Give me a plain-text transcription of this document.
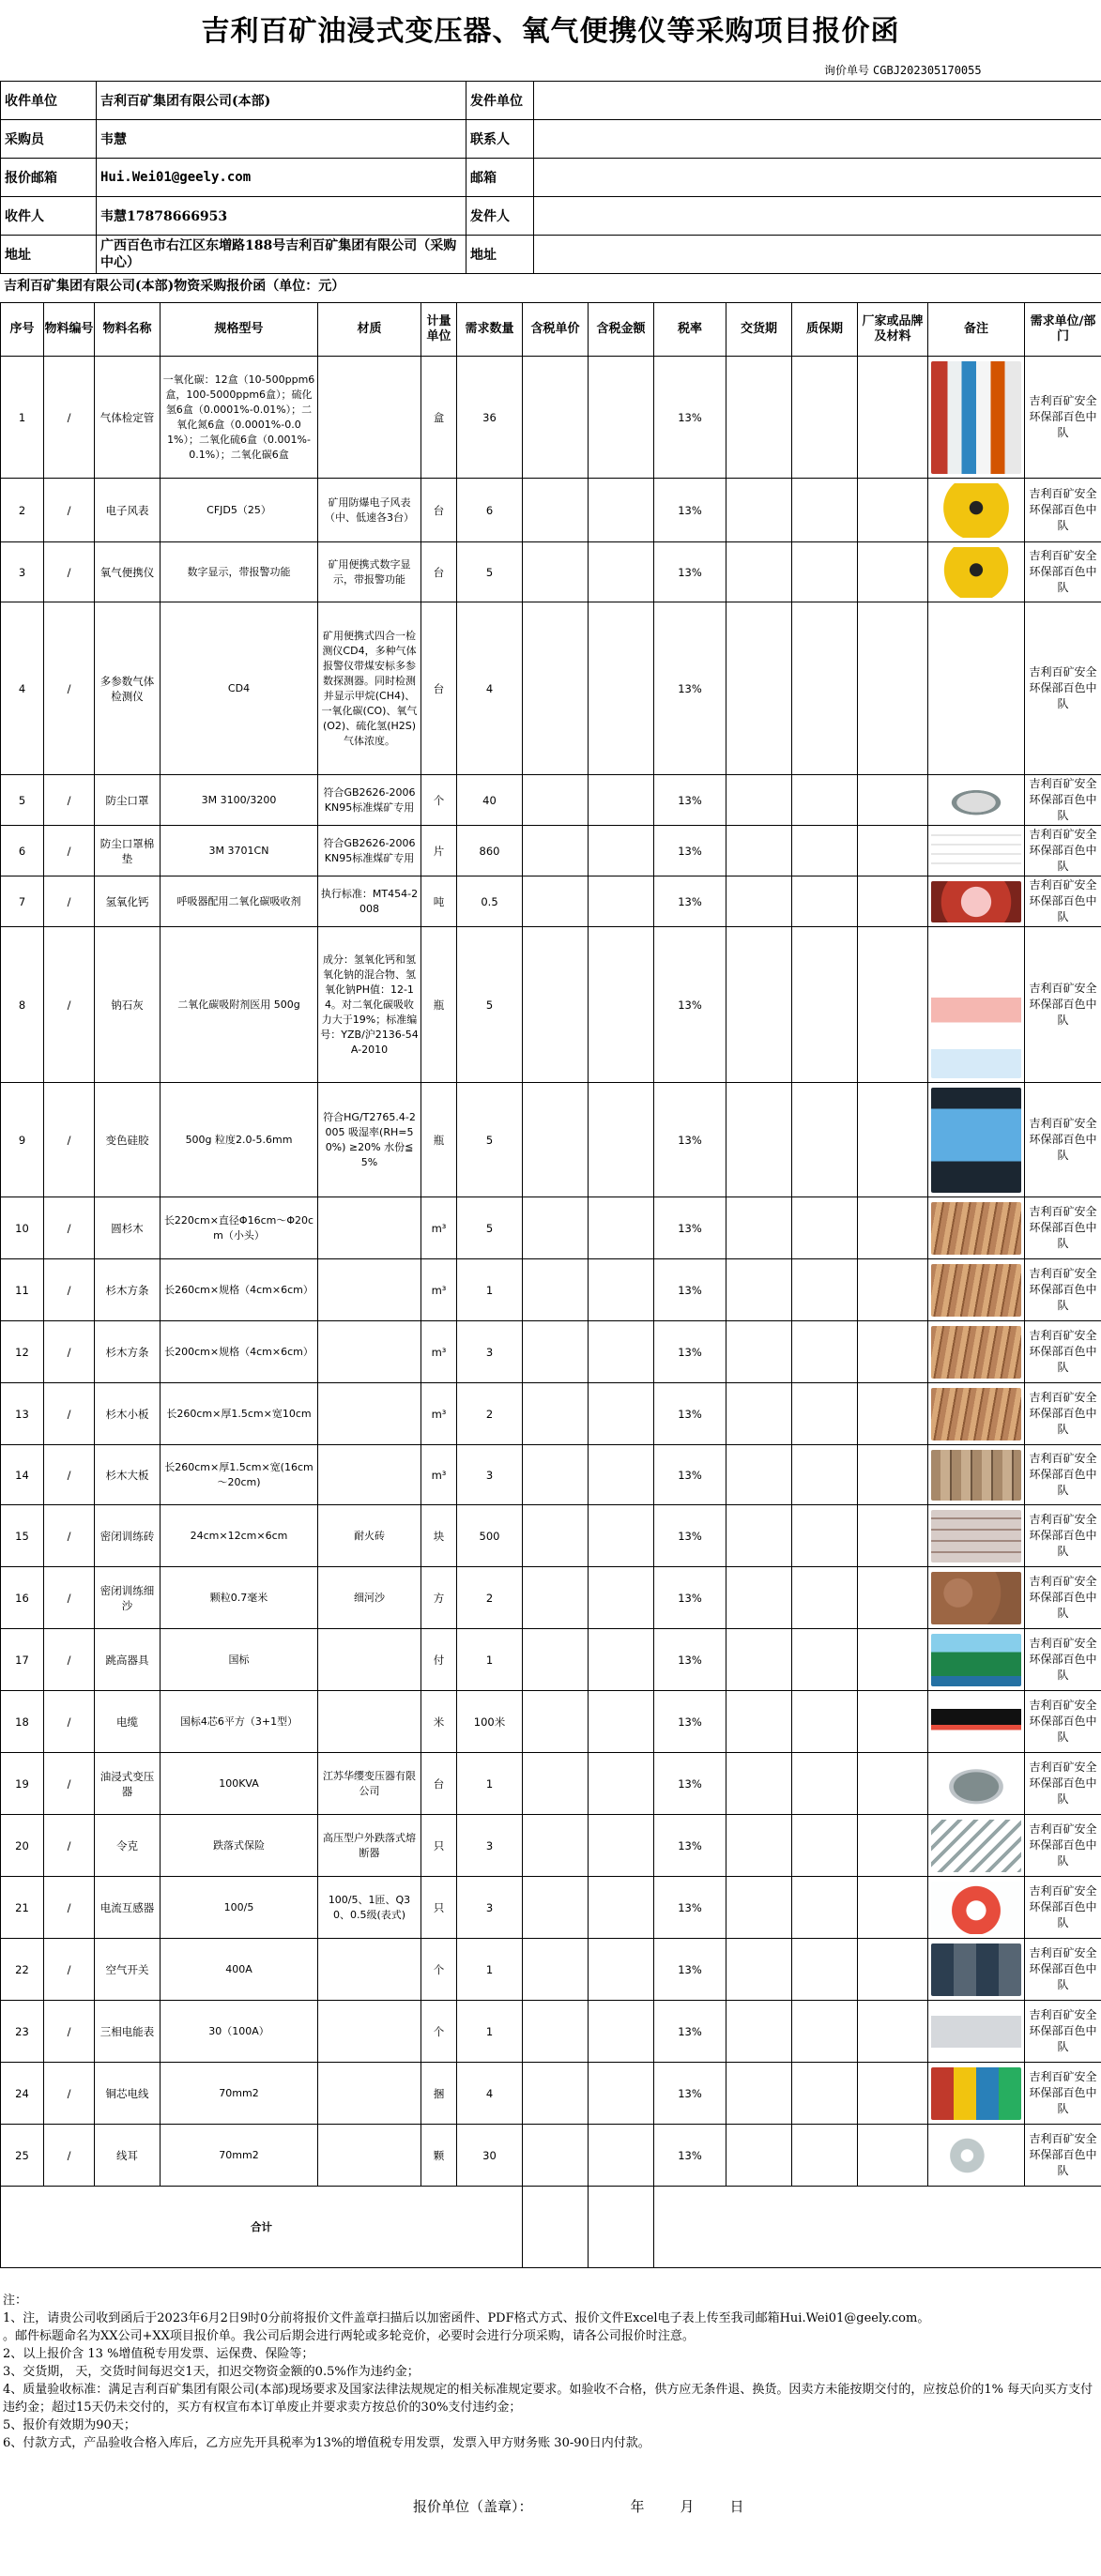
吉利百矿油浸式变压器、氧气便携仪等采购项目报价函
询价单号 CGBJ202305170055
收件单位	吉利百矿集团有限公司(本部)	发件单位	
采购员	韦慧	联系人	
报价邮箱	Hui.Wei01@geely.com	邮箱	
收件人	韦慧17878666953	发件人	
地址	广西百色市右江区东増路188号吉利百矿集团有限公司（采购中心）	地址	
吉利百矿集团有限公司(本部)物资采购报价函（单位：元）
序号	物料编号	物料名称	规格型号	材质	计量单位	需求数量	含税单价	含税金额	税率	交货期	质保期	厂家或品牌及材料	备注	需求单位/部门
1	/	气体检定管	一氧化碳：12盒（10-500ppm6盒，100-5000ppm6盒）；硫化氢6盒（0.0001%-0.01%）；二氧化氮6盒（0.0001%-0.01%）；二氧化硫6盒（0.001%-0.1%）；二氧化碳6盒		盒	36			13%					吉利百矿安全环保部百色中队
2	/	电子风表	CFJD5（25）	矿用防爆电子风表（中、低速各3台）	台	6			13%					吉利百矿安全环保部百色中队
3	/	氧气便携仪	数字显示，带报警功能	矿用便携式数字显示，带报警功能	台	5			13%					吉利百矿安全环保部百色中队
4	/	多参数气体检测仪	CD4	矿用便携式四合一检测仪CD4，多种气体报警仪带煤安标多参数探测器。同时检测并显示甲烷(CH4)、一氧化碳(CO)、氧气(O2)、硫化氢(H2S)气体浓度。	台	4			13%					吉利百矿安全环保部百色中队
5	/	防尘口罩	3M 3100/3200	符合GB2626-2006 KN95标准煤矿专用	个	40			13%					吉利百矿安全环保部百色中队
6	/	防尘口罩棉垫	3M 3701CN	符合GB2626-2006 KN95标准煤矿专用	片	860			13%					吉利百矿安全环保部百色中队
7	/	氢氧化钙	呼吸器配用二氧化碳吸收剂	执行标准：MT454-2008	吨	0.5			13%					吉利百矿安全环保部百色中队
8	/	钠石灰	二氧化碳吸附剂医用 500g	成分：氢氧化钙和氢氧化钠的混合物、氢氧化钠PH值：12-14。对二氧化碳吸收力大于19%；标准编号：YZB/沪2136-54A-2010	瓶	5			13%					吉利百矿安全环保部百色中队
9	/	变色硅胶	500g 粒度2.0-5.6mm	符合HG/T2765.4-2005 吸湿率(RH=50%) ≥20% 水份≦5%	瓶	5			13%					吉利百矿安全环保部百色中队
10	/	圆杉木	长220cm×直径Φ16cm～Φ20cm（小头）		m³	5			13%					吉利百矿安全环保部百色中队
11	/	杉木方条	长260cm×规格（4cm×6cm）		m³	1			13%					吉利百矿安全环保部百色中队
12	/	杉木方条	长200cm×规格（4cm×6cm）		m³	3			13%					吉利百矿安全环保部百色中队
13	/	杉木小板	长260cm×厚1.5cm×宽10cm		m³	2			13%					吉利百矿安全环保部百色中队
14	/	杉木大板	长260cm×厚1.5cm×宽(16cm～20cm)		m³	3			13%					吉利百矿安全环保部百色中队
15	/	密闭训练砖	24cm×12cm×6cm	耐火砖	块	500			13%					吉利百矿安全环保部百色中队
16	/	密闭训练细沙	颗粒0.7毫米	细河沙	方	2			13%					吉利百矿安全环保部百色中队
17	/	跳高器具	国标		付	1			13%					吉利百矿安全环保部百色中队
18	/	电缆	国标4芯6平方（3+1型）		米	100米			13%					吉利百矿安全环保部百色中队
19	/	油浸式变压器	100KVA	江苏华缨变压器有限公司	台	1			13%					吉利百矿安全环保部百色中队
20	/	令克	跌落式保险	高压型户外跌落式熔断器	只	3			13%					吉利百矿安全环保部百色中队
21	/	电流互感器	100/5	100/5、1匝、Q30、0.5级(表式)	只	3			13%					吉利百矿安全环保部百色中队
22	/	空气开关	400A		个	1			13%					吉利百矿安全环保部百色中队
23	/	三相电能表	30（100A）		个	1			13%					吉利百矿安全环保部百色中队
24	/	铜芯电线	70mm2		捆	4			13%					吉利百矿安全环保部百色中队
25	/	线耳	70mm2		颗	30			13%					吉利百矿安全环保部百色中队
合计														

注：

1、注，请贵公司收到函后于2023年6月2日9时0分前将报价文件盖章扫描后以加密函件、PDF格式方式、报价文件Excel电子表上传至我司邮箱Hui.Wei01@geely.com。

。邮件标题命名为XX公司+XX项目报价单。我公司后期会进行两轮或多轮竞价，必要时会进行分项采购，请各公司报价时注意。

2、以上报价含 13 %增值税专用发票、运保费、保险等；

3、交货期， 天，交货时间每迟交1天，扣迟交物资金额的0.5%作为违约金；

4、质量验收标准：满足吉利百矿集团有限公司(本部)现场要求及国家法律法规规定的相关标准规定要求。如验收不合格，供方应无条件退、换货。因卖方未能按期交付的，应按总价的1% 每天向买方支付违约金；超过15天仍未交付的，买方有权宣布本订单废止并要求卖方按总价的30%支付违约金；

5、报价有效期为90天；

6、付款方式，产品验收合格入库后，乙方应先开具税率为13%的增值税专用发票，发票入甲方财务账 30-90日内付款。

报价单位（盖章）：	年	月	日
